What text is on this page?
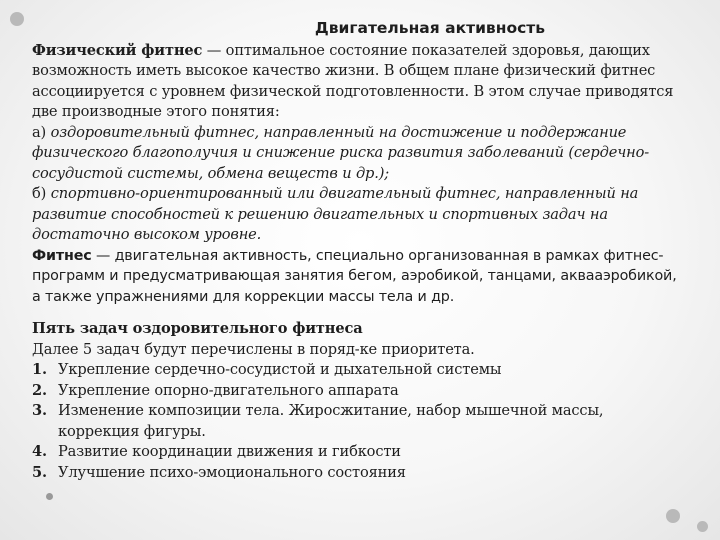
Двигательная активность

Физический фитнес — оптимальное состояние показателей здоровья, дающих возможность иметь высокое качество жизни. В общем плане физический фитнес ассоциируется с уровнем физической подготовленности. В этом случае приводятся две производные этого понятия:

а) оздоровительный фитнес, направленный на достижение и поддержание физического благополучия и снижение риска развития заболеваний (сердечно-сосудистой системы, обмена веществ и др.);

б) спортивно-ориентированный или двигательный фитнес, направленный на развитие способностей к решению двигательных и спортивных задач на достаточно высоком уровне.

Фитнес — двигательная активность, специально организованная в рамках фитнес-программ и предусматривающая занятия бегом, аэробикой, танцами, аквааэробикой, а также упражнениями для коррекции массы тела и др.

Пять задач оздоровительного фитнеса

Далее 5 задач будут перечислены в поряд-ке приоритета.

1. Укрепление сердечно-сосудистой и дыхательной системы
2. Укрепление опорно-двигательного аппарата
3. Изменение композиции тела. Жиросжитание, набор мышечной массы, коррекция фигуры.
4. Развитие координации движения и гибкости
5. Улучшение психо-эмоционального состояния
